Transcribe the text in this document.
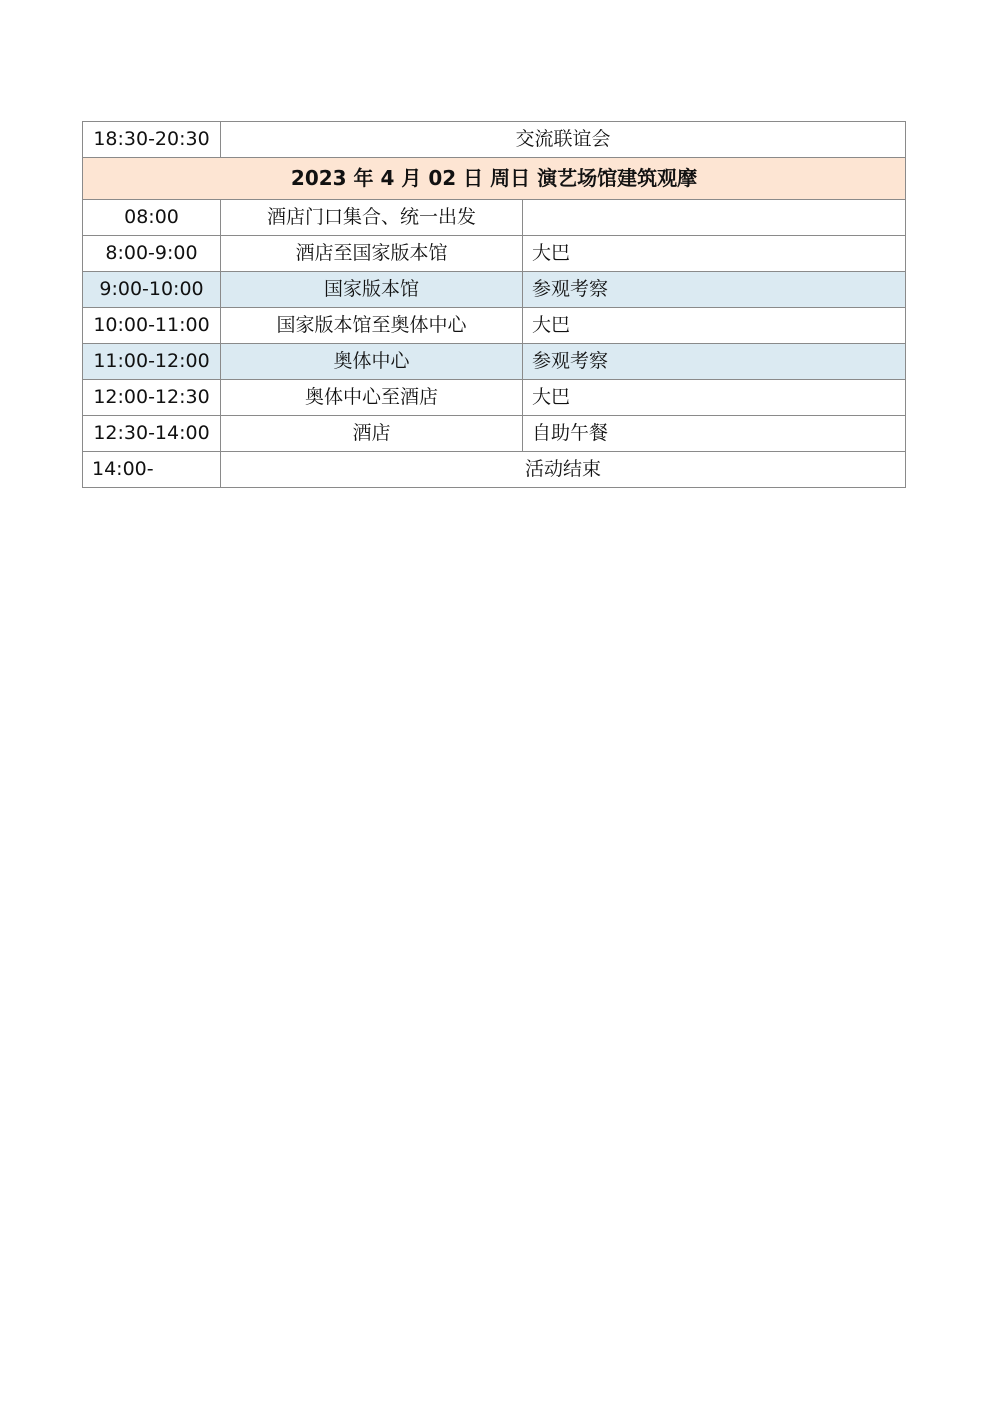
18:30-20:30	交流联谊会	
2023 年 4 月 02 日 周日 演艺场馆建筑观摩		
08:00	酒店门口集合、统一出发	
8:00-9:00	酒店至国家版本馆	大巴
9:00-10:00	国家版本馆	参观考察
10:00-11:00	国家版本馆至奥体中心	大巴
11:00-12:00	奥体中心	参观考察
12:00-12:30	奥体中心至酒店	大巴
12:30-14:00	酒店	自助午餐
14:00-	活动结束	
